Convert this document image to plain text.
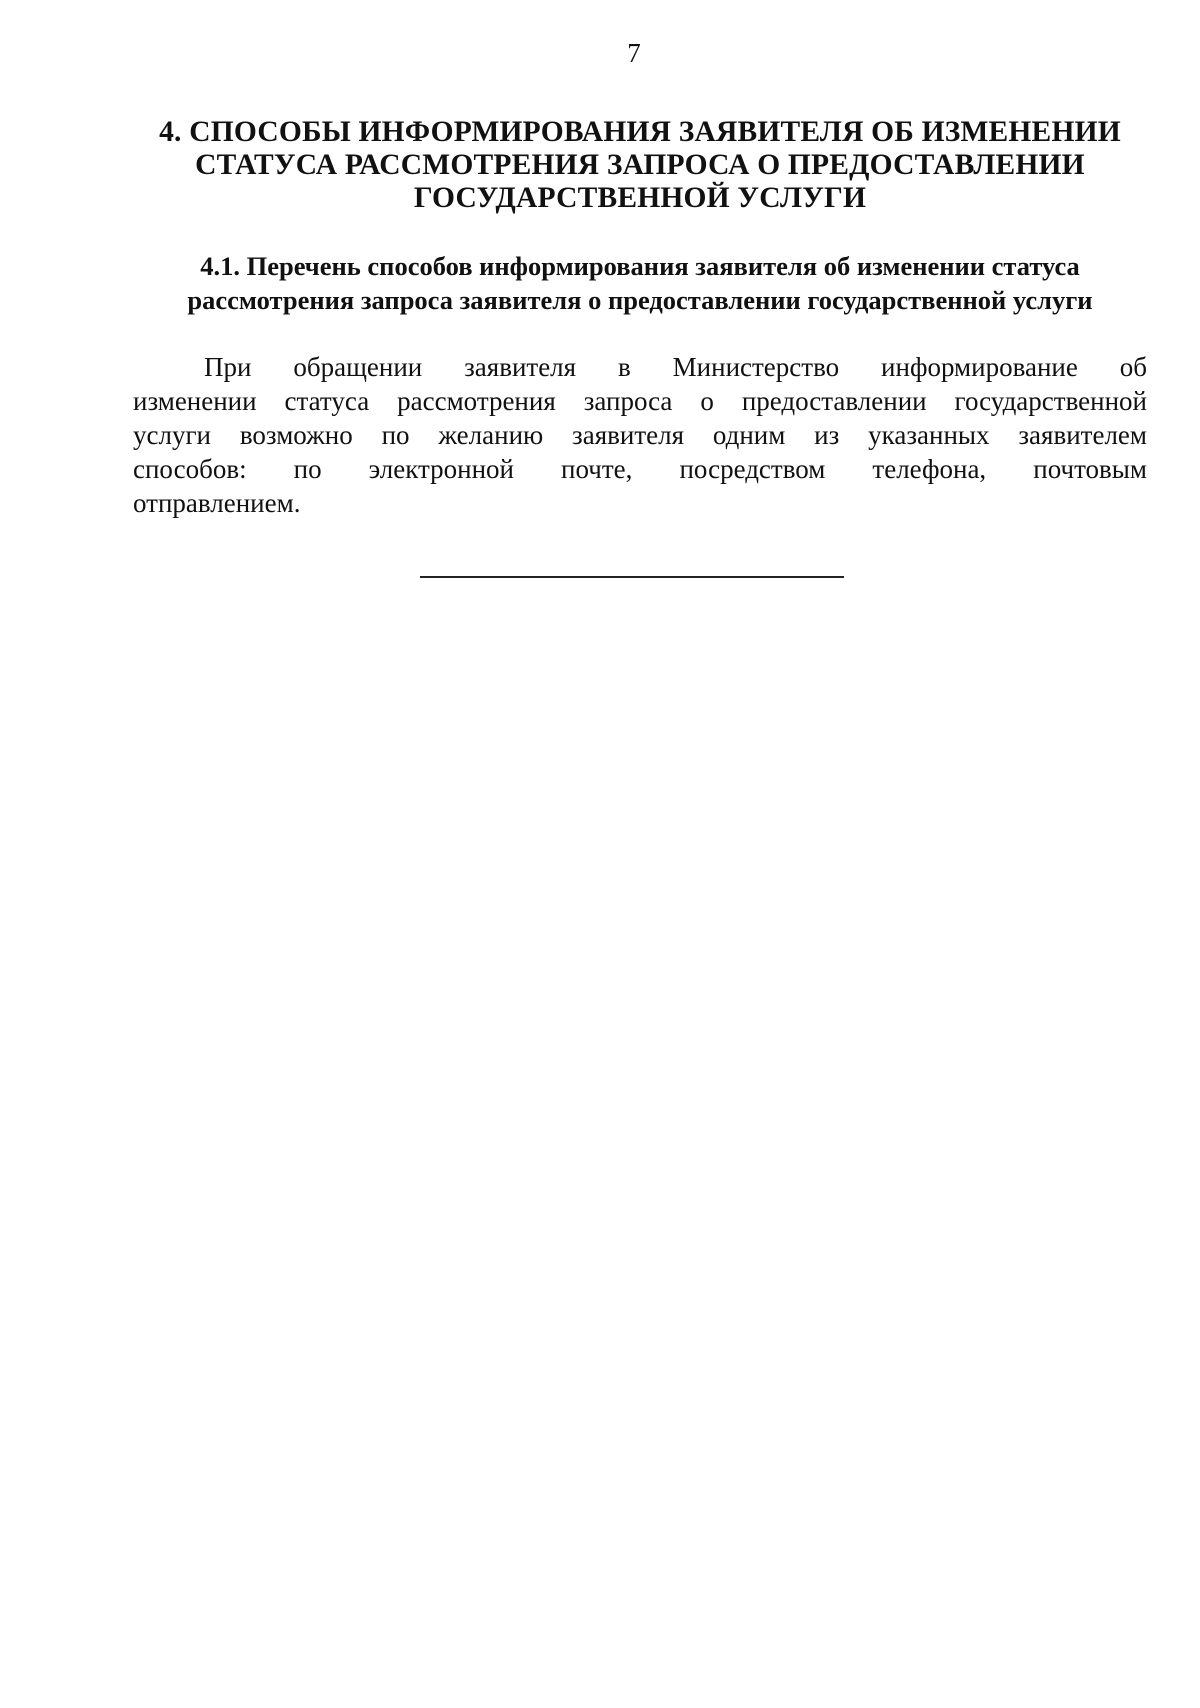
7
4. СПОСОБЫ ИНФОРМИРОВАНИЯ ЗАЯВИТЕЛЯ ОБ ИЗМЕНЕНИИ
СТАТУСА РАССМОТРЕНИЯ ЗАПРОСА О ПРЕДОСТАВЛЕНИИ
ГОСУДАРСТВЕННОЙ УСЛУГИ
4.1. Перечень способов информирования заявителя об изменении статуса
рассмотрения запроса заявителя о предоставлении государственной услуги
При обращении заявителя в Министерство информирование об
изменении статуса рассмотрения запроса о предоставлении государственной
услуги возможно по желанию заявителя одним из указанных заявителем
способов: по электронной почте, посредством телефона, почтовым
отправлением.
